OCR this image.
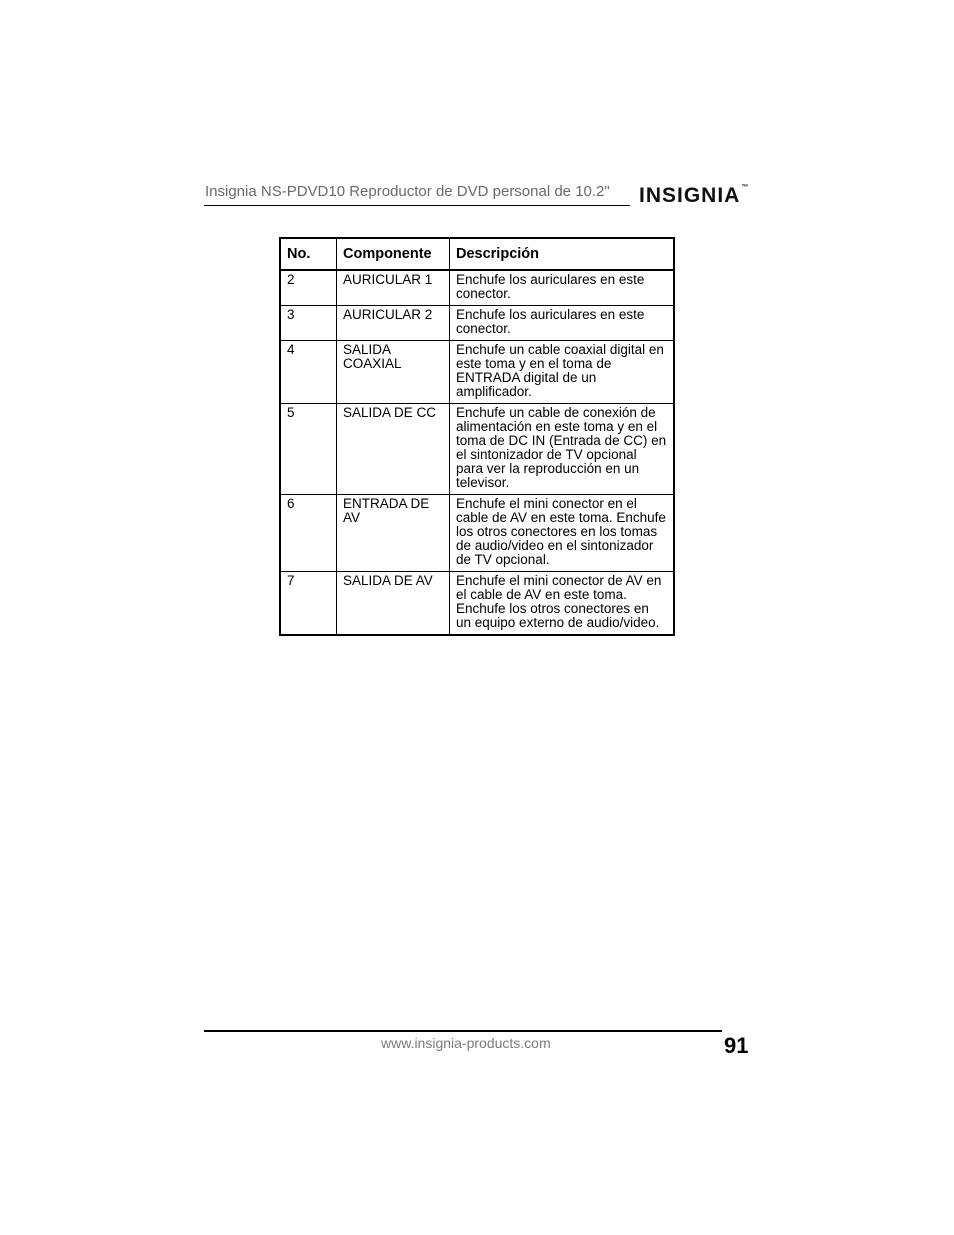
Insignia NS-PDVD10 Reproductor de DVD personal de 10.2" INSIGNIA™
No.	Componente	Descripción
2	AURICULAR 1	Enchufe los auriculares en este conector.
3	AURICULAR 2	Enchufe los auriculares en este conector.
4	SALIDA COAXIAL	Enchufe un cable coaxial digital en este toma y en el toma de ENTRADA digital de un amplificador.
5	SALIDA DE CC	Enchufe un cable de conexión de alimentación en este toma y en el toma de DC IN (Entrada de CC) en el sintonizador de TV opcional para ver la reproducción en un televisor.
6	ENTRADA DE AV	Enchufe el mini conector en el cable de AV en este toma. Enchufe los otros conectores en los tomas de audio/video en el sintonizador de TV opcional.
7	SALIDA DE AV	Enchufe el mini conector de AV en el cable de AV en este toma. Enchufe los otros conectores en un equipo externo de audio/video.
www.insignia-products.com	91
